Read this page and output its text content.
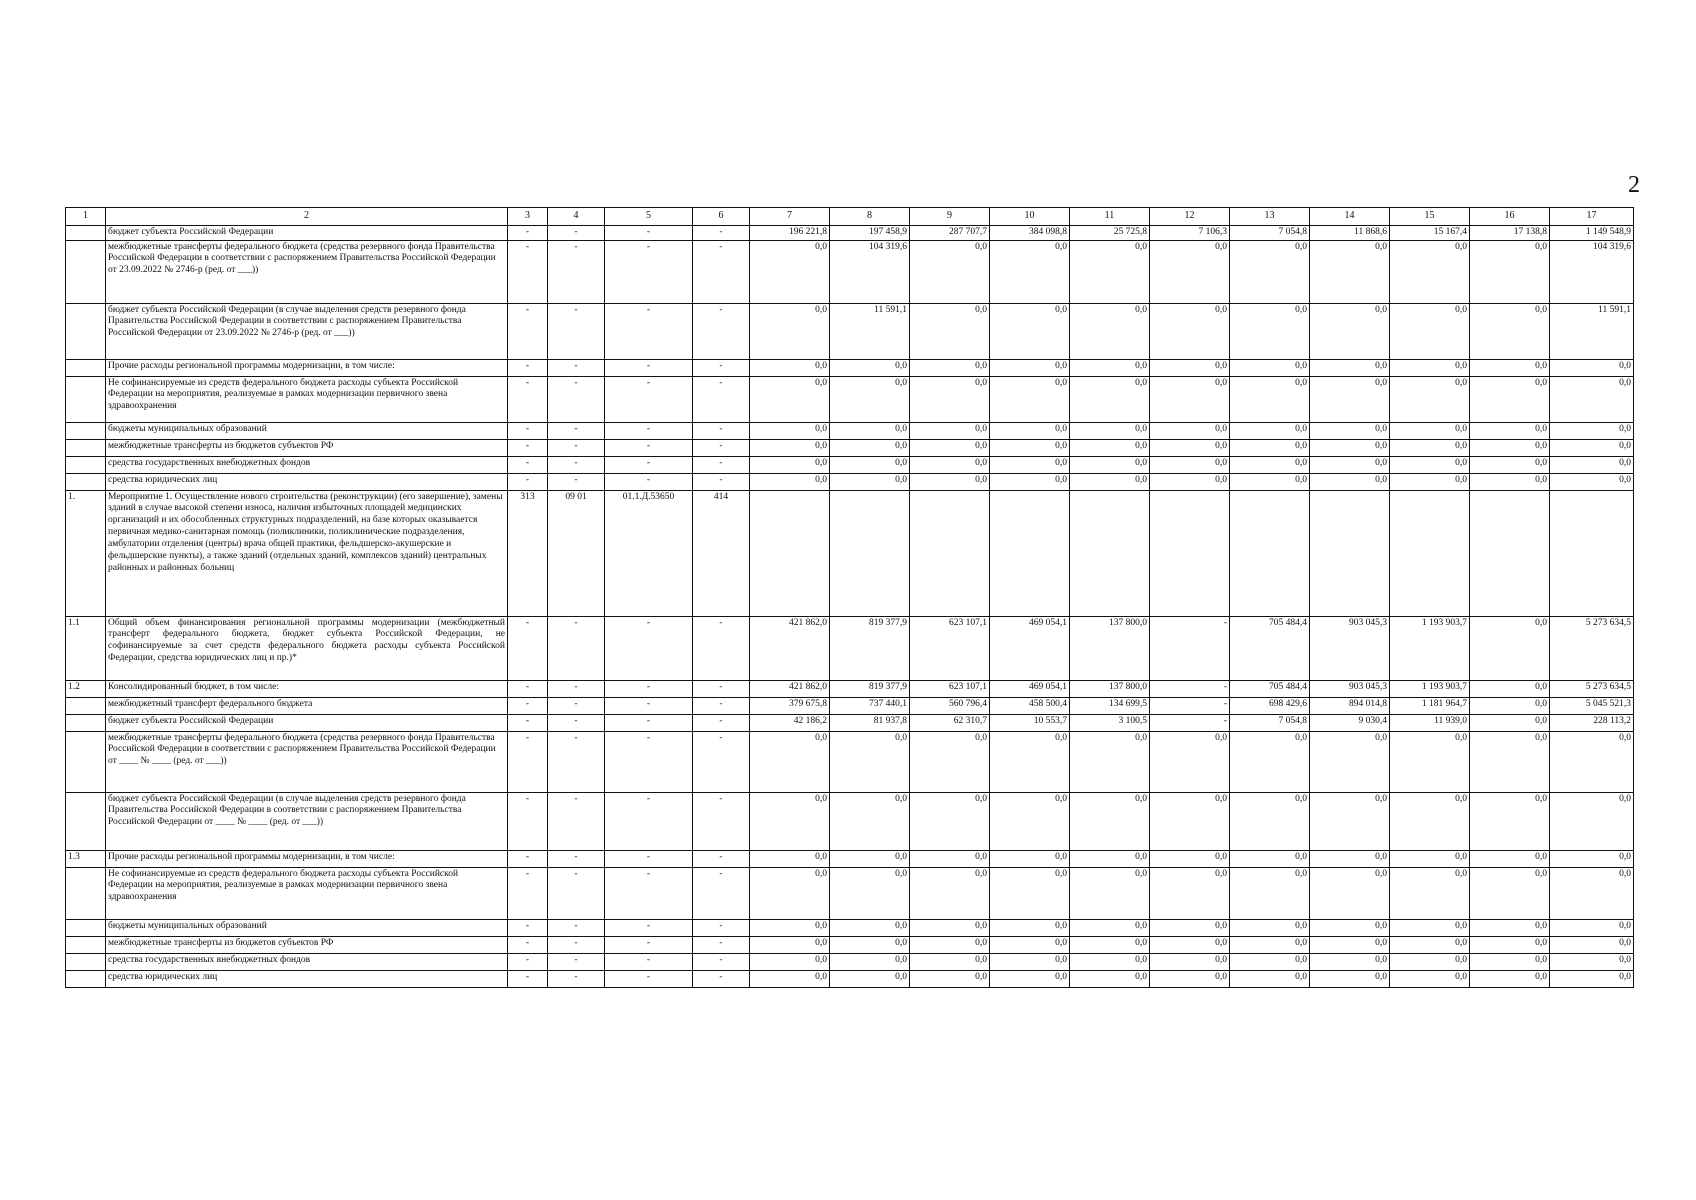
2
1	2	3	4	5	6	7	8	9	10	11	12	13	14	15	16	17
	бюджет субъекта Российской Федерации	-	-	-	-	196 221,8	197 458,9	287 707,7	384 098,8	25 725,8	7 106,3	7 054,8	11 868,6	15 167,4	17 138,8	1 149 548,9
	межбюджетные трансферты федерального бюджета (средства резервного фонда Правительства Российской Федерации в соответствии с распоряжением Правительства Российской Федерации от 23.09.2022 № 2746-р (ред. от ___))	-	-	-	-	0,0	104 319,6	0,0	0,0	0,0	0,0	0,0	0,0	0,0	0,0	104 319,6
	бюджет субъекта Российской Федерации (в случае выделения средств резервного фонда Правительства Российской Федерации в соответствии с распоряжением Правительства Российской Федерации от 23.09.2022 № 2746-р (ред. от ___))	-	-	-	-	0,0	11 591,1	0,0	0,0	0,0	0,0	0,0	0,0	0,0	0,0	11 591,1
	Прочие расходы региональной программы модернизации, в том числе:	-	-	-	-	0,0	0,0	0,0	0,0	0,0	0,0	0,0	0,0	0,0	0,0	0,0
	Не софинансируемые из средств федерального бюджета расходы субъекта Российской Федерации на мероприятия, реализуемые в рамках модернизации первичного звена здравоохранения	-	-	-	-	0,0	0,0	0,0	0,0	0,0	0,0	0,0	0,0	0,0	0,0	0,0
	бюджеты муниципальных образований	-	-	-	-	0,0	0,0	0,0	0,0	0,0	0,0	0,0	0,0	0,0	0,0	0,0
	межбюджетные трансферты из бюджетов субъектов РФ	-	-	-	-	0,0	0,0	0,0	0,0	0,0	0,0	0,0	0,0	0,0	0,0	0,0
	средства государственных внебюджетных фондов	-	-	-	-	0,0	0,0	0,0	0,0	0,0	0,0	0,0	0,0	0,0	0,0	0,0
	средства юридических лиц	-	-	-	-	0,0	0,0	0,0	0,0	0,0	0,0	0,0	0,0	0,0	0,0	0,0
1.	Мероприятие 1. Осуществление нового строительства (реконструкции) (его завершение), замены зданий в случае высокой степени износа, наличия избыточных площадей медицинских организаций и их обособленных структурных подразделений, на базе которых оказывается первичная медико-санитарная помощь (поликлиники, поликлинические подразделения, амбулатории отделения (центры) врача общей практики, фельдшерско-акушерские и фельдшерские пункты), а также зданий (отдельных зданий, комплексов зданий) центральных районных и районных больниц	313	09 01	01.1.Д.53650	414											
1.1	Общий объем финансирования региональной программы модернизации (межбюджетный трансферт федерального бюджета, бюджет субъекта Российской Федерации, не софинансируемые за счет средств федерального бюджета расходы субъекта Российской Федерации, средства юридических лиц и пр.)*	-	-	-	-	421 862,0	819 377,9	623 107,1	469 054,1	137 800,0	-	705 484,4	903 045,3	1 193 903,7	0,0	5 273 634,5
1.2	Консолидированный бюджет, в том числе:	-	-	-	-	421 862,0	819 377,9	623 107,1	469 054,1	137 800,0	-	705 484,4	903 045,3	1 193 903,7	0,0	5 273 634,5
	межбюджетный трансферт федерального бюджета	-	-	-	-	379 675,8	737 440,1	560 796,4	458 500,4	134 699,5	-	698 429,6	894 014,8	1 181 964,7	0,0	5 045 521,3
	бюджет субъекта Российской Федерации	-	-	-	-	42 186,2	81 937,8	62 310,7	10 553,7	3 100,5	-	7 054,8	9 030,4	11 939,0	0,0	228 113,2
	межбюджетные трансферты федерального бюджета (средства резервного фонда Правительства Российской Федерации в соответствии с распоряжением Правительства Российской Федерации от ____ № ____ (ред. от ___))	-	-	-	-	0,0	0,0	0,0	0,0	0,0	0,0	0,0	0,0	0,0	0,0	0,0
	бюджет субъекта Российской Федерации (в случае выделения средств резервного фонда Правительства Российской Федерации в соответствии с распоряжением Правительства Российской Федерации от ____ № ____ (ред. от ___))	-	-	-	-	0,0	0,0	0,0	0,0	0,0	0,0	0,0	0,0	0,0	0,0	0,0
1.3	Прочие расходы региональной программы модернизации, в том числе:	-	-	-	-	0,0	0,0	0,0	0,0	0,0	0,0	0,0	0,0	0,0	0,0	0,0
	Не софинансируемые из средств федерального бюджета расходы субъекта Российской Федерации на мероприятия, реализуемые в рамках модернизации первичного звена здравоохранения	-	-	-	-	0,0	0,0	0,0	0,0	0,0	0,0	0,0	0,0	0,0	0,0	0,0
	бюджеты муниципальных образований	-	-	-	-	0,0	0,0	0,0	0,0	0,0	0,0	0,0	0,0	0,0	0,0	0,0
	межбюджетные трансферты из бюджетов субъектов РФ	-	-	-	-	0,0	0,0	0,0	0,0	0,0	0,0	0,0	0,0	0,0	0,0	0,0
	средства государственных внебюджетных фондов	-	-	-	-	0,0	0,0	0,0	0,0	0,0	0,0	0,0	0,0	0,0	0,0	0,0
	средства юридических лиц	-	-	-	-	0,0	0,0	0,0	0,0	0,0	0,0	0,0	0,0	0,0	0,0	0,0
